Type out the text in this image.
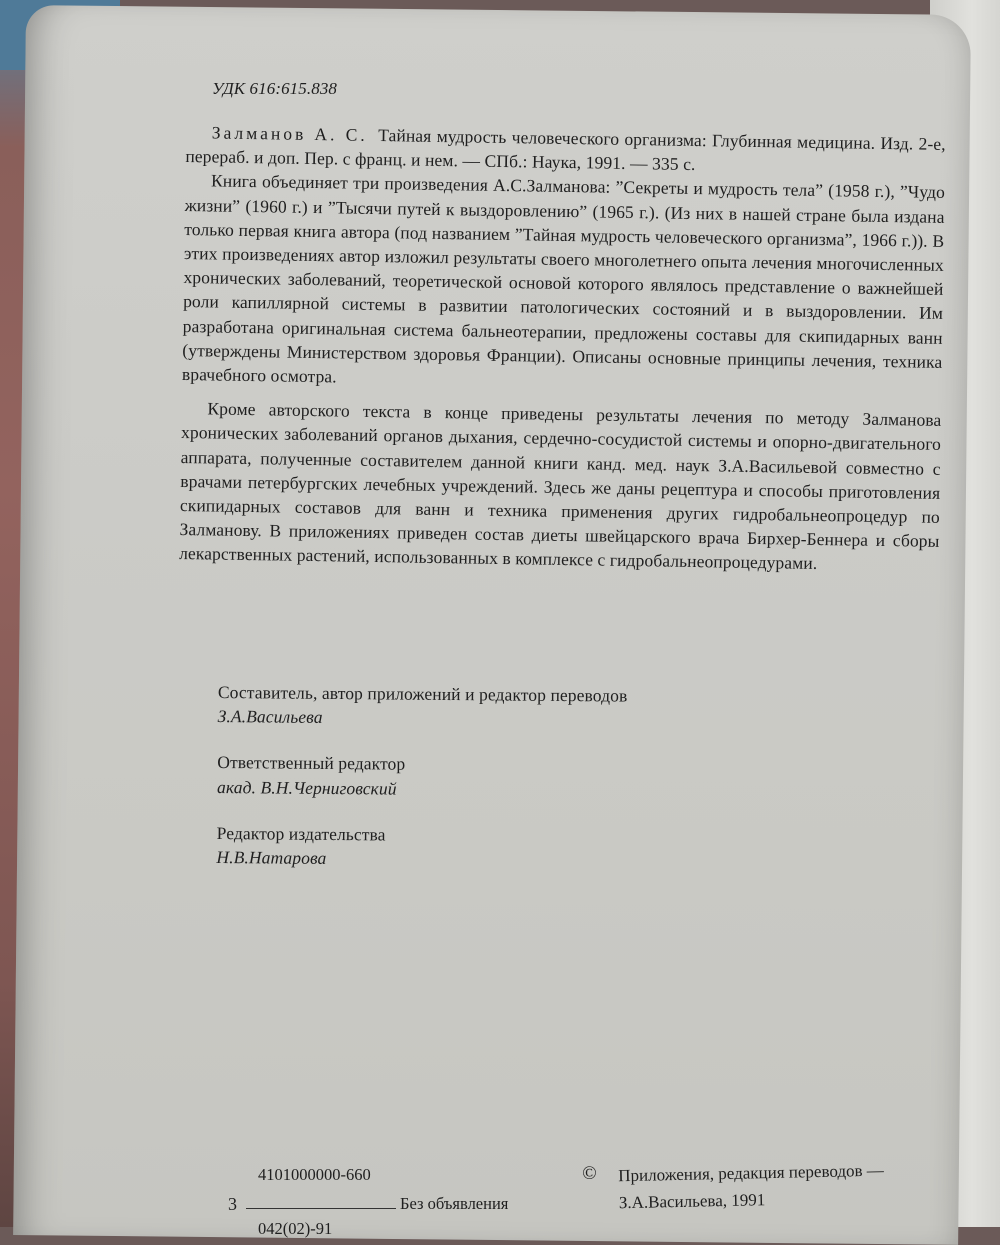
УДК 616:615.838

Залманов А. С. Тайная мудрость человеческого организма: Глубинная медицина. Изд. 2-е, перераб. и доп. Пер. с франц. и нем. — СПб.: Наука, 1991. — 335 с.

Книга объединяет три произведения А.С.Залманова: ”Секреты и мудрость тела” (1958 г.), ”Чудо жизни” (1960 г.) и ”Тысячи путей к выздоровлению” (1965 г.). (Из них в нашей стране была издана только первая книга автора (под названием ”Тайная мудрость человеческого организма”, 1966 г.)). В этих произведениях автор изложил результаты своего многолетнего опыта лечения многочисленных хронических заболеваний, теоретической основой которого являлось представление о важнейшей роли капиллярной системы в развитии патологических состояний и в выздоровлении. Им разработана оригинальная система бальнеотерапии, предложены составы для скипидарных ванн (утверждены Министерством здоровья Франции). Описаны основные принципы лечения, техника врачебного осмотра.

Кроме авторского текста в конце приведены результаты лечения по методу Залманова хронических заболеваний органов дыхания, сердечно-сосудистой системы и опорно-двигательного аппарата, полученные составителем данной книги канд. мед. наук З.А.Васильевой совместно с врачами петербургских лечебных учреждений. Здесь же даны рецептура и способы приготовления скипидарных составов для ванн и техника применения других гидробальнеопроцедур по Залманову. В приложениях приведен состав диеты швейцарского врача Бирхер-Беннера и сборы лекарственных растений, использованных в комплексе с гидробальнеопроцедурами.

Составитель, автор приложений и редактор переводов
З.А.Васильева
Ответственный редактор
акад. В.Н.Черниговский
Редактор издательства
Н.В.Натарова
4101000000-660
3	Без объявления
042(02)-91
© Приложения, редакция переводов —
З.А.Васильева, 1991
